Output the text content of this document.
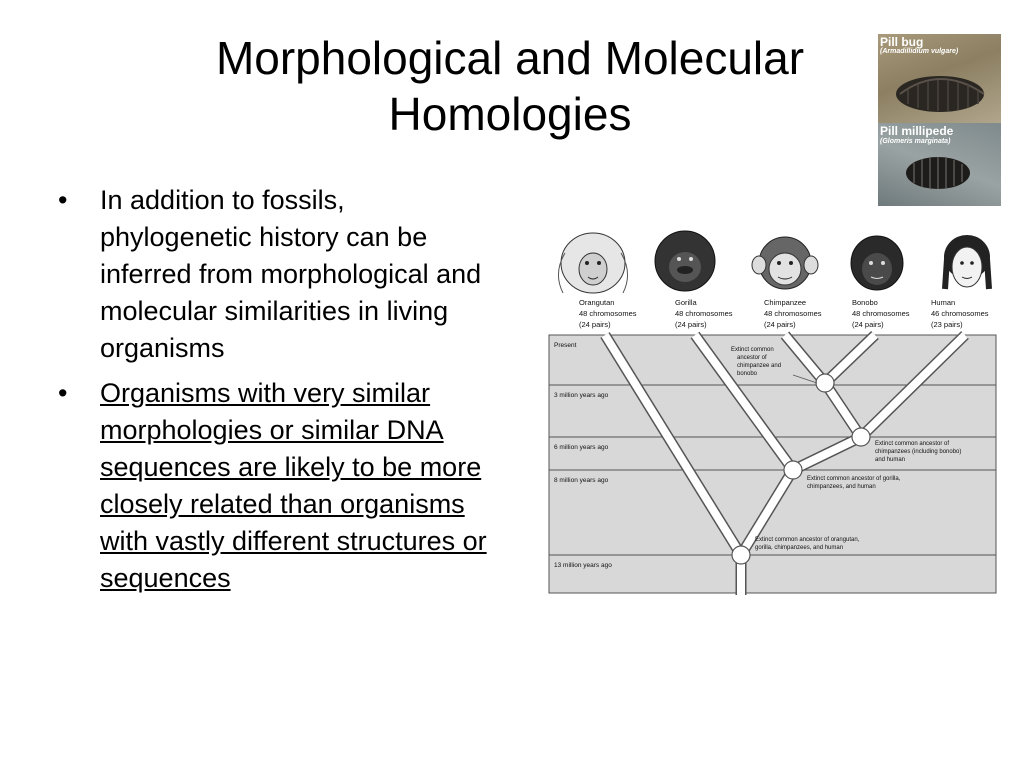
Morphological and Molecular Homologies
• In addition to fossils, phylogenetic history can be inferred from morphological and molecular similarities in living organisms
• Organisms with very similar morphologies or similar DNA sequences are likely to be more closely related than organisms with vastly different structures or sequences
Pill bug
(Armadillidium vulgare)
Pill millipede
(Glomeris marginata)
Orangutan
48 chromosomes
(24 pairs)
Gorilla
48 chromosomes
(24 pairs)
Chimpanzee
48 chromosomes
(24 pairs)
Bonobo
48 chromosomes
(24 pairs)
Human
46 chromosomes
(23 pairs)
Present
3 million years ago
6 million years ago
8 million years ago
13 million years ago
Extinct common
ancestor of
chimpanzee and
bonobo
Extinct common ancestor of
chimpanzees (including bonobo)
and human
Extinct common ancestor of gorilla,
chimpanzees, and human
Extinct common ancestor of orangutan,
gorilla, chimpanzees, and human
